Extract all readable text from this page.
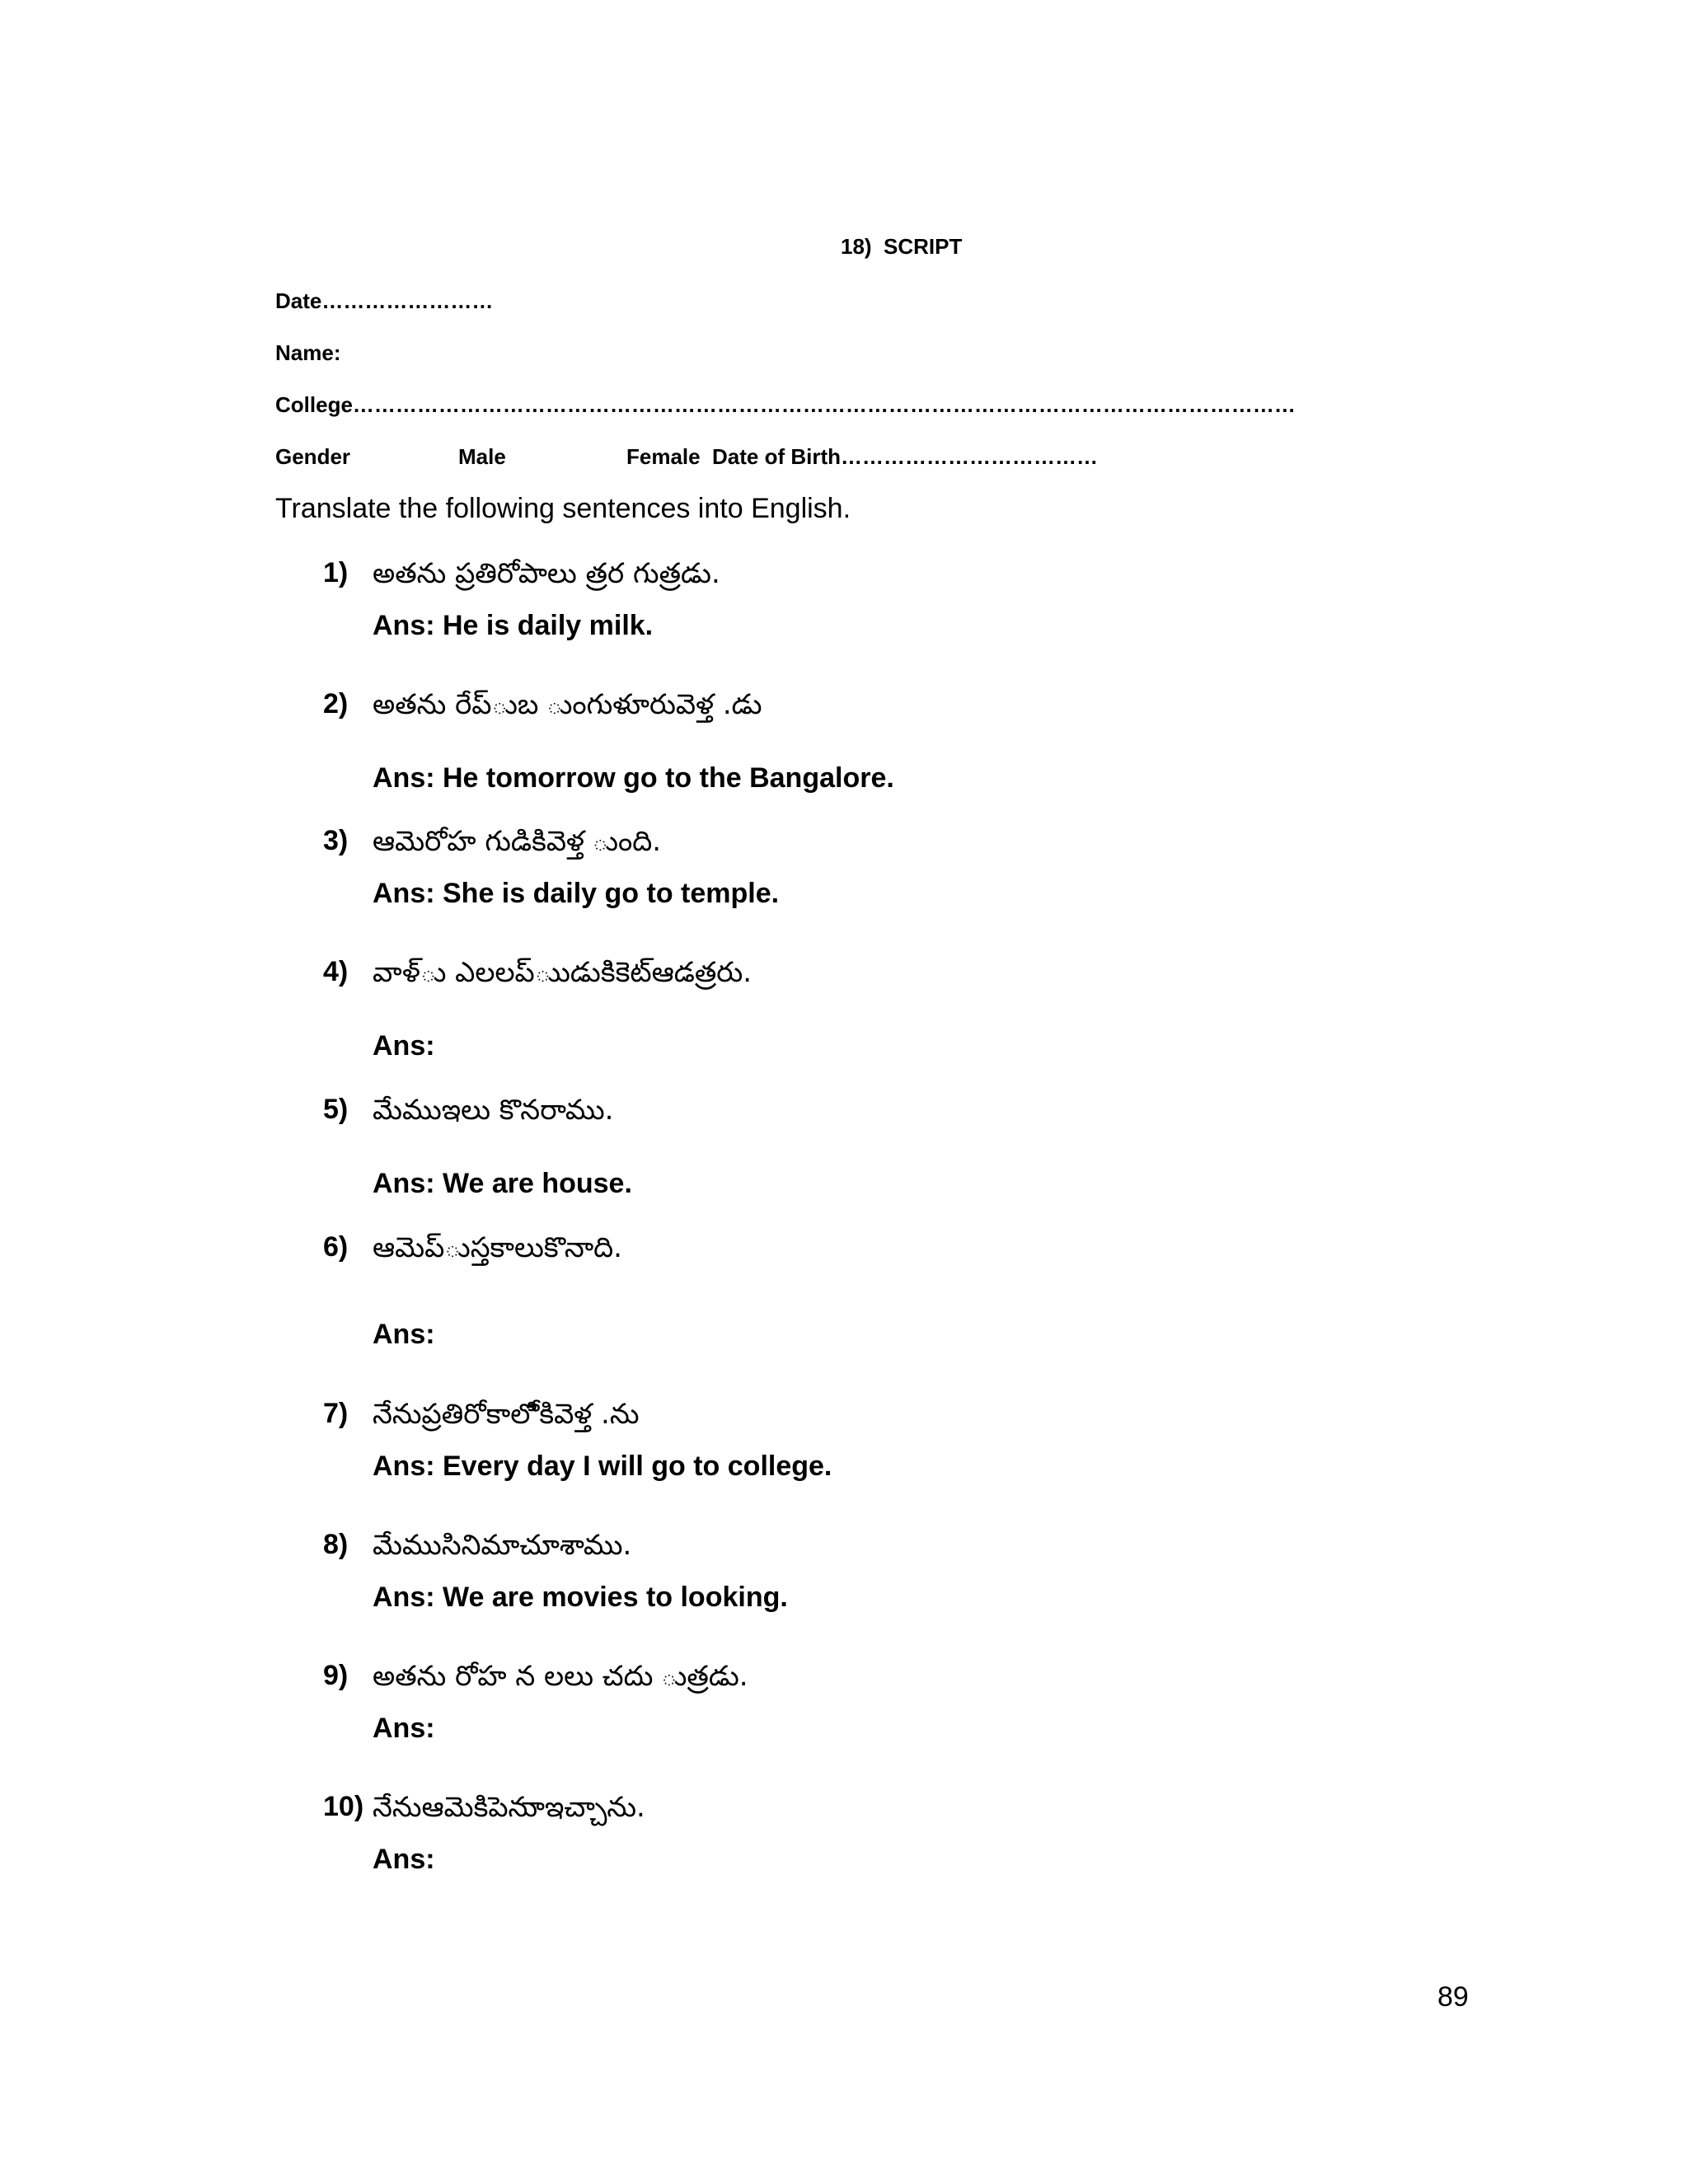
18)  SCRIPT
Date……………………
Name:
College……………………………………………………………………………………………………………………
Gender	Male	Female Date of Birth………………………………
Translate the following sentences into English.
1) అతను ప్రతిరోపాలు త్రర గుత్రడు.
Ans: He is daily milk.
2) అతను రేప్ుబ ుంగుళూరువెళ్త .డు
Ans: He tomorrow go to the Bangalore.
3) ఆమెరోహ గుడికివెళ్త ుంది.
Ans: She is daily go to temple.
4) వాళ్ు ఎలలప్ుుడుకిికెట్ఆడత్రరు.
Ans:
5) మేముఇలు కొనరాము.
Ans: We are house.
6) ఆమెప్ుస్తకాలుకొనాది.
Ans:
7) నేనుప్రతిరోకాలోికివెళ్త .ను
Ans: Every day I will go to college.
8) మేముసినిమాచూశాము.
Ans: We are movies to looking.
9) అతను రోహ న లలు చదు ుత్రడు.
Ans:
10) నేనుఆమెకిపెనుాఇచ్చాను.
Ans:
89
